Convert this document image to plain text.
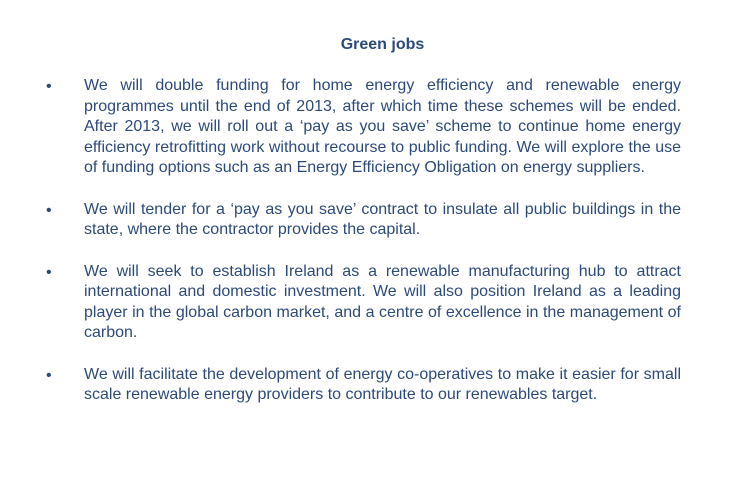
Green jobs
• We will double funding for home energy efficiency and renewable energy programmes until the end of 2013, after which time these schemes will be ended. After 2013, we will roll out a ‘pay as you save’ scheme to continue home energy efficiency retrofitting work without recourse to public funding. We will explore the use of funding options such as an Energy Efficiency Obligation on energy suppliers.
• We will tender for a ‘pay as you save’ contract to insulate all public buildings in the state, where the contractor provides the capital.
• We will seek to establish Ireland as a renewable manufacturing hub to attract international and domestic investment. We will also position Ireland as a leading player in the global carbon market, and a centre of excellence in the management of carbon.
• We will facilitate the development of energy co-operatives to make it easier for small scale renewable energy providers to contribute to our renewables target.
